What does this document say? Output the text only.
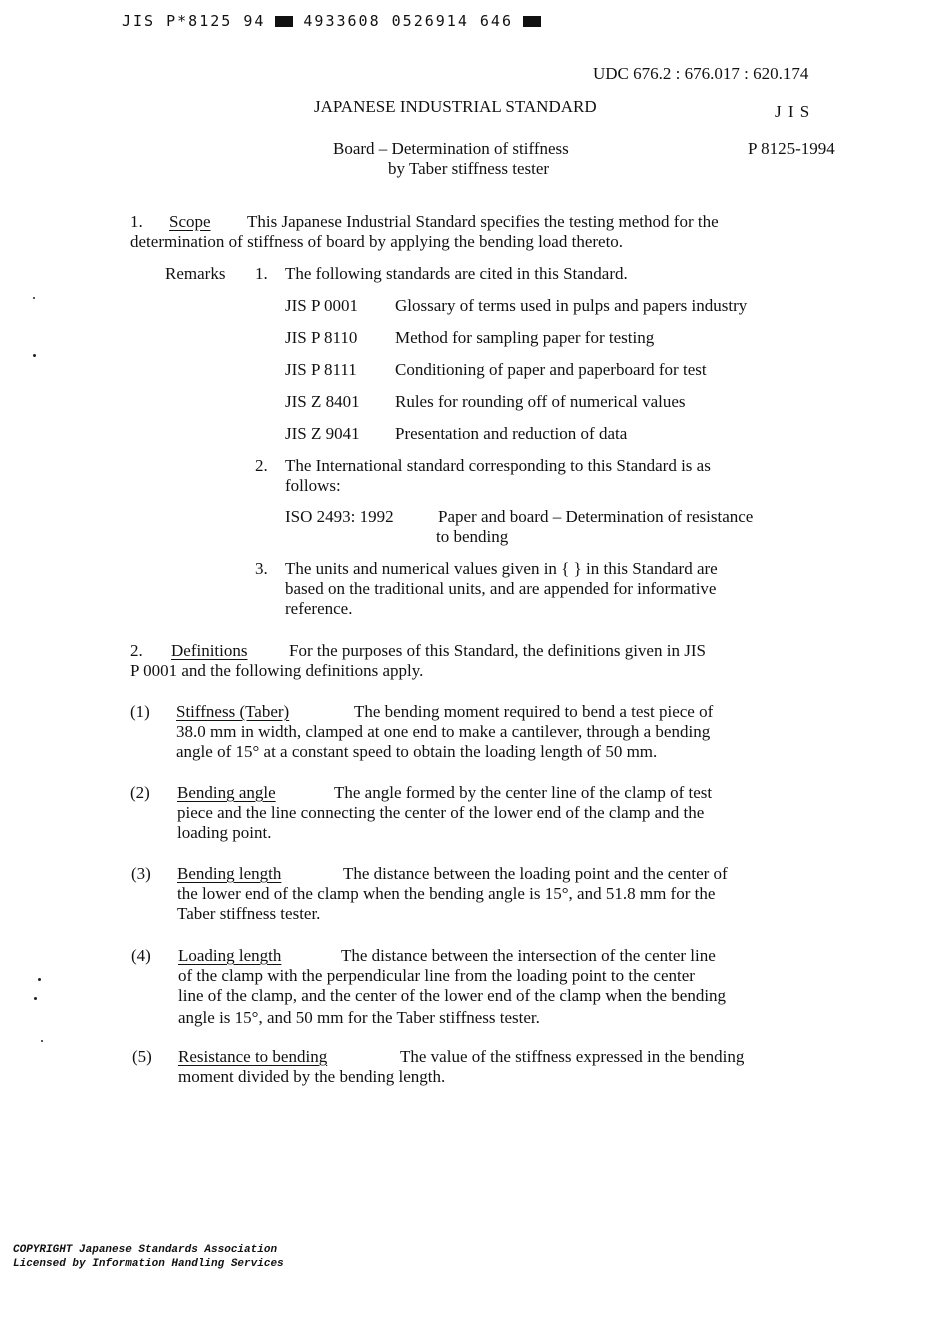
JIS P*8125 94	4933608 0526914 646
UDC 676.2 : 676.017 : 620.174
JAPANESE INDUSTRIAL STANDARD	J I S
Board – Determination of stiffness
by Taber stiffness tester
P 8125-1994
1. Scope This Japanese Industrial Standard specifies the testing method for the
determination of stiffness of board by applying the bending load thereto.
Remarks 1. The following standards are cited in this Standard.
JIS P 0001 Glossary of terms used in pulps and papers industry
JIS P 8110 Method for sampling paper for testing
JIS P 8111 Conditioning of paper and paperboard for test
JIS Z 8401 Rules for rounding off of numerical values
JIS Z 9041 Presentation and reduction of data
2. The International standard corresponding to this Standard is as
follows:
ISO 2493: 1992	Paper and board – Determination of resistance
to bending
3. The units and numerical values given in { } in this Standard are
based on the traditional units, and are appended for informative
reference.
2. Definitions For the purposes of this Standard, the definitions given in JIS
P 0001 and the following definitions apply.
(1) Stiffness (Taber)	The bending moment required to bend a test piece of
38.0 mm in width, clamped at one end to make a cantilever, through a bending
angle of 15° at a constant speed to obtain the loading length of 50 mm.
(2) Bending angle	The angle formed by the center line of the clamp of test
piece and the line connecting the center of the lower end of the clamp and the
loading point.
(3) Bending length	The distance between the loading point and the center of
the lower end of the clamp when the bending angle is 15°, and 51.8 mm for the
Taber stiffness tester.
(4) Loading length	The distance between the intersection of the center line
of the clamp with the perpendicular line from the loading point to the center
line of the clamp, and the center of the lower end of the clamp when the bending
angle is 15°, and 50 mm for the Taber stiffness tester.
(5) Resistance to bending	The value of the stiffness expressed in the bending
moment divided by the bending length.
COPYRIGHT Japanese Standards Association
Licensed by Information Handling Services
